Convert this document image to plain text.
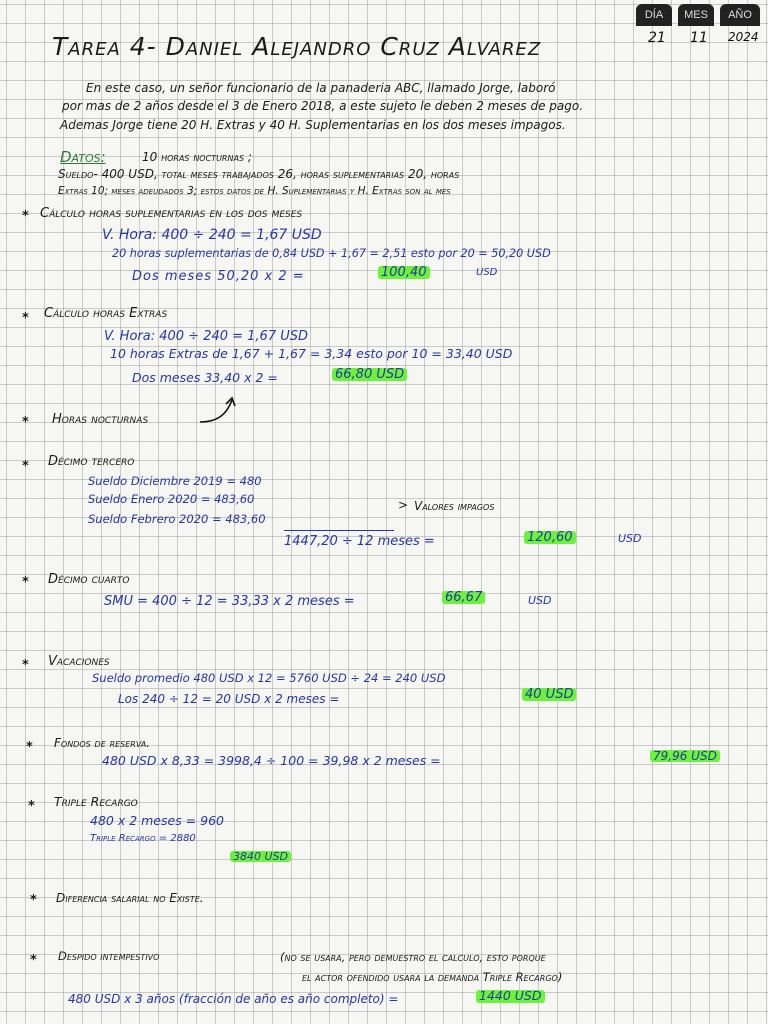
DÍA	MES	AÑO
21 11 2024
Tarea 4- Daniel Alejandro Cruz Alvarez
En este caso, un señor funcionario de la panaderia ABC, llamado Jorge, laboró
por mas de 2 años desde el 3 de Enero 2018, a este sujeto le deben 2 meses de pago.
Ademas Jorge tiene 20 H. Extras y 40 H. Suplementarias en los dos meses impagos.
Datos:	10 horas nocturnas ;
Sueldo- 400 USD, total meses trabajados 26, horas suplementarias 20, horas
Extras 10; meses adeudados 3; estos datos de H. Suplementarias y H. Extras son al mes
* Cálculo horas suplementarias en los dos meses
V. Hora: 400 ÷ 240 = 1,67 USD
20 horas suplementarias de 0,84 USD + 1,67 = 2,51 esto por 20 = 50,20 USD
Dos meses 50,20 x 2 =	100,40	USD
* Cálculo horas Extras
V. Hora: 400 ÷ 240 = 1,67 USD
10 horas Extras de 1,67 + 1,67 = 3,34 esto por 10 = 33,40 USD
Dos meses 33,40 x 2 =	66,80 USD
* Horas nocturnas
* Décimo tercero
Sueldo Diciembre 2019 = 480
Sueldo Enero 2020 = 483,60
Sueldo Febrero 2020 = 483,60
> Valores impagos
1447,20 ÷ 12 meses =	120,60	USD
* Décimo cuarto
SMU = 400 ÷ 12 = 33,33 x 2 meses =	66,67	USD
* Vacaciones
Sueldo promedio 480 USD x 12 = 5760 USD ÷ 24 = 240 USD
Los 240 ÷ 12 = 20 USD x 2 meses =	40 USD
* Fondos de reserva.
480 USD x 8,33 = 3998,4 ÷ 100 = 39,98 x 2 meses =	79,96 USD
* Triple Recargo
480 x 2 meses = 960
Triple Recargo = 2880
3840 USD
* Diferencia salarial no Existe.
* Despido intempestivo	(no se usara, pero demuestro el calculo, esto porque
el actor ofendido usara la demanda Triple Recargo)
480 USD x 3 años (fracción de año es año completo) =	1440 USD
